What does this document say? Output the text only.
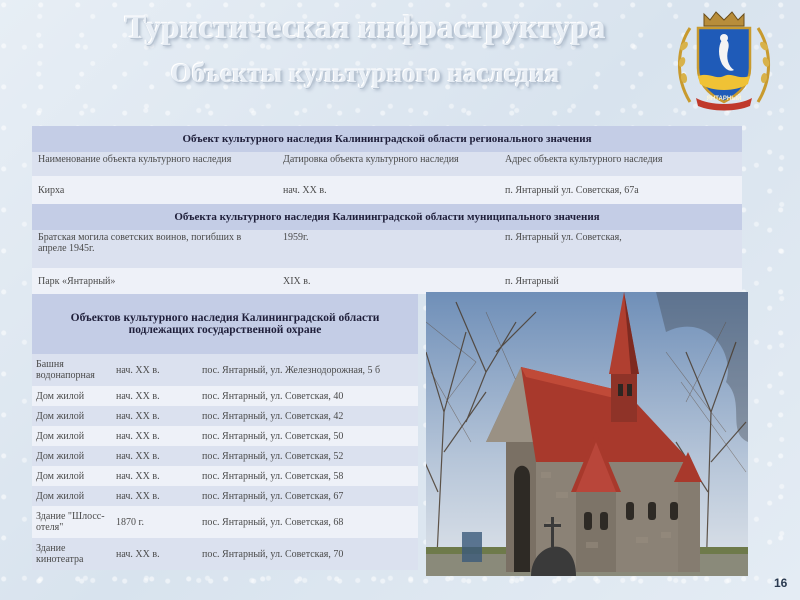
Туристическая инфраструктура
Объекты культурного наследия
ЯНТАРНЫЙ
Объект культурного наследия Калининградской области регионального значения		
Наименование объекта культурного наследия	Датировка объекта культурного наследия	Адрес объекта культурного наследия
Кирха	нач. XX в.	п. Янтарный ул. Советская, 67а
Объекта культурного наследия Калининградской области муниципального значения		
Братская могила советских воинов, погибших в апреле 1945г.	1959г.	п. Янтарный ул. Советская,
Парк «Янтарный»	XIX в.	п. Янтарный
Объектов культурного наследия Калининградской области подлежащих государственной охране		
Башня водонапорная	нач. XX в.	пос. Янтарный, ул. Железнодорожная, 5 б
Дом жилой	нач. XX в.	пос. Янтарный, ул. Советская, 40
Дом жилой	нач. XX в.	пос. Янтарный, ул. Советская, 42
Дом жилой	нач. XX в.	пос. Янтарный, ул. Советская, 50
Дом жилой	нач. XX в.	пос. Янтарный, ул. Советская, 52
Дом жилой	нач. XX в.	пос. Янтарный, ул. Советская, 58
Дом жилой	нач. XX в.	пос. Янтарный, ул. Советская, 67
Здание "Шлосс-отеля"	1870 г.	пос. Янтарный, ул. Советская, 68
Здание кинотеатра	нач. XX в.	пос. Янтарный, ул. Советская, 70
16
